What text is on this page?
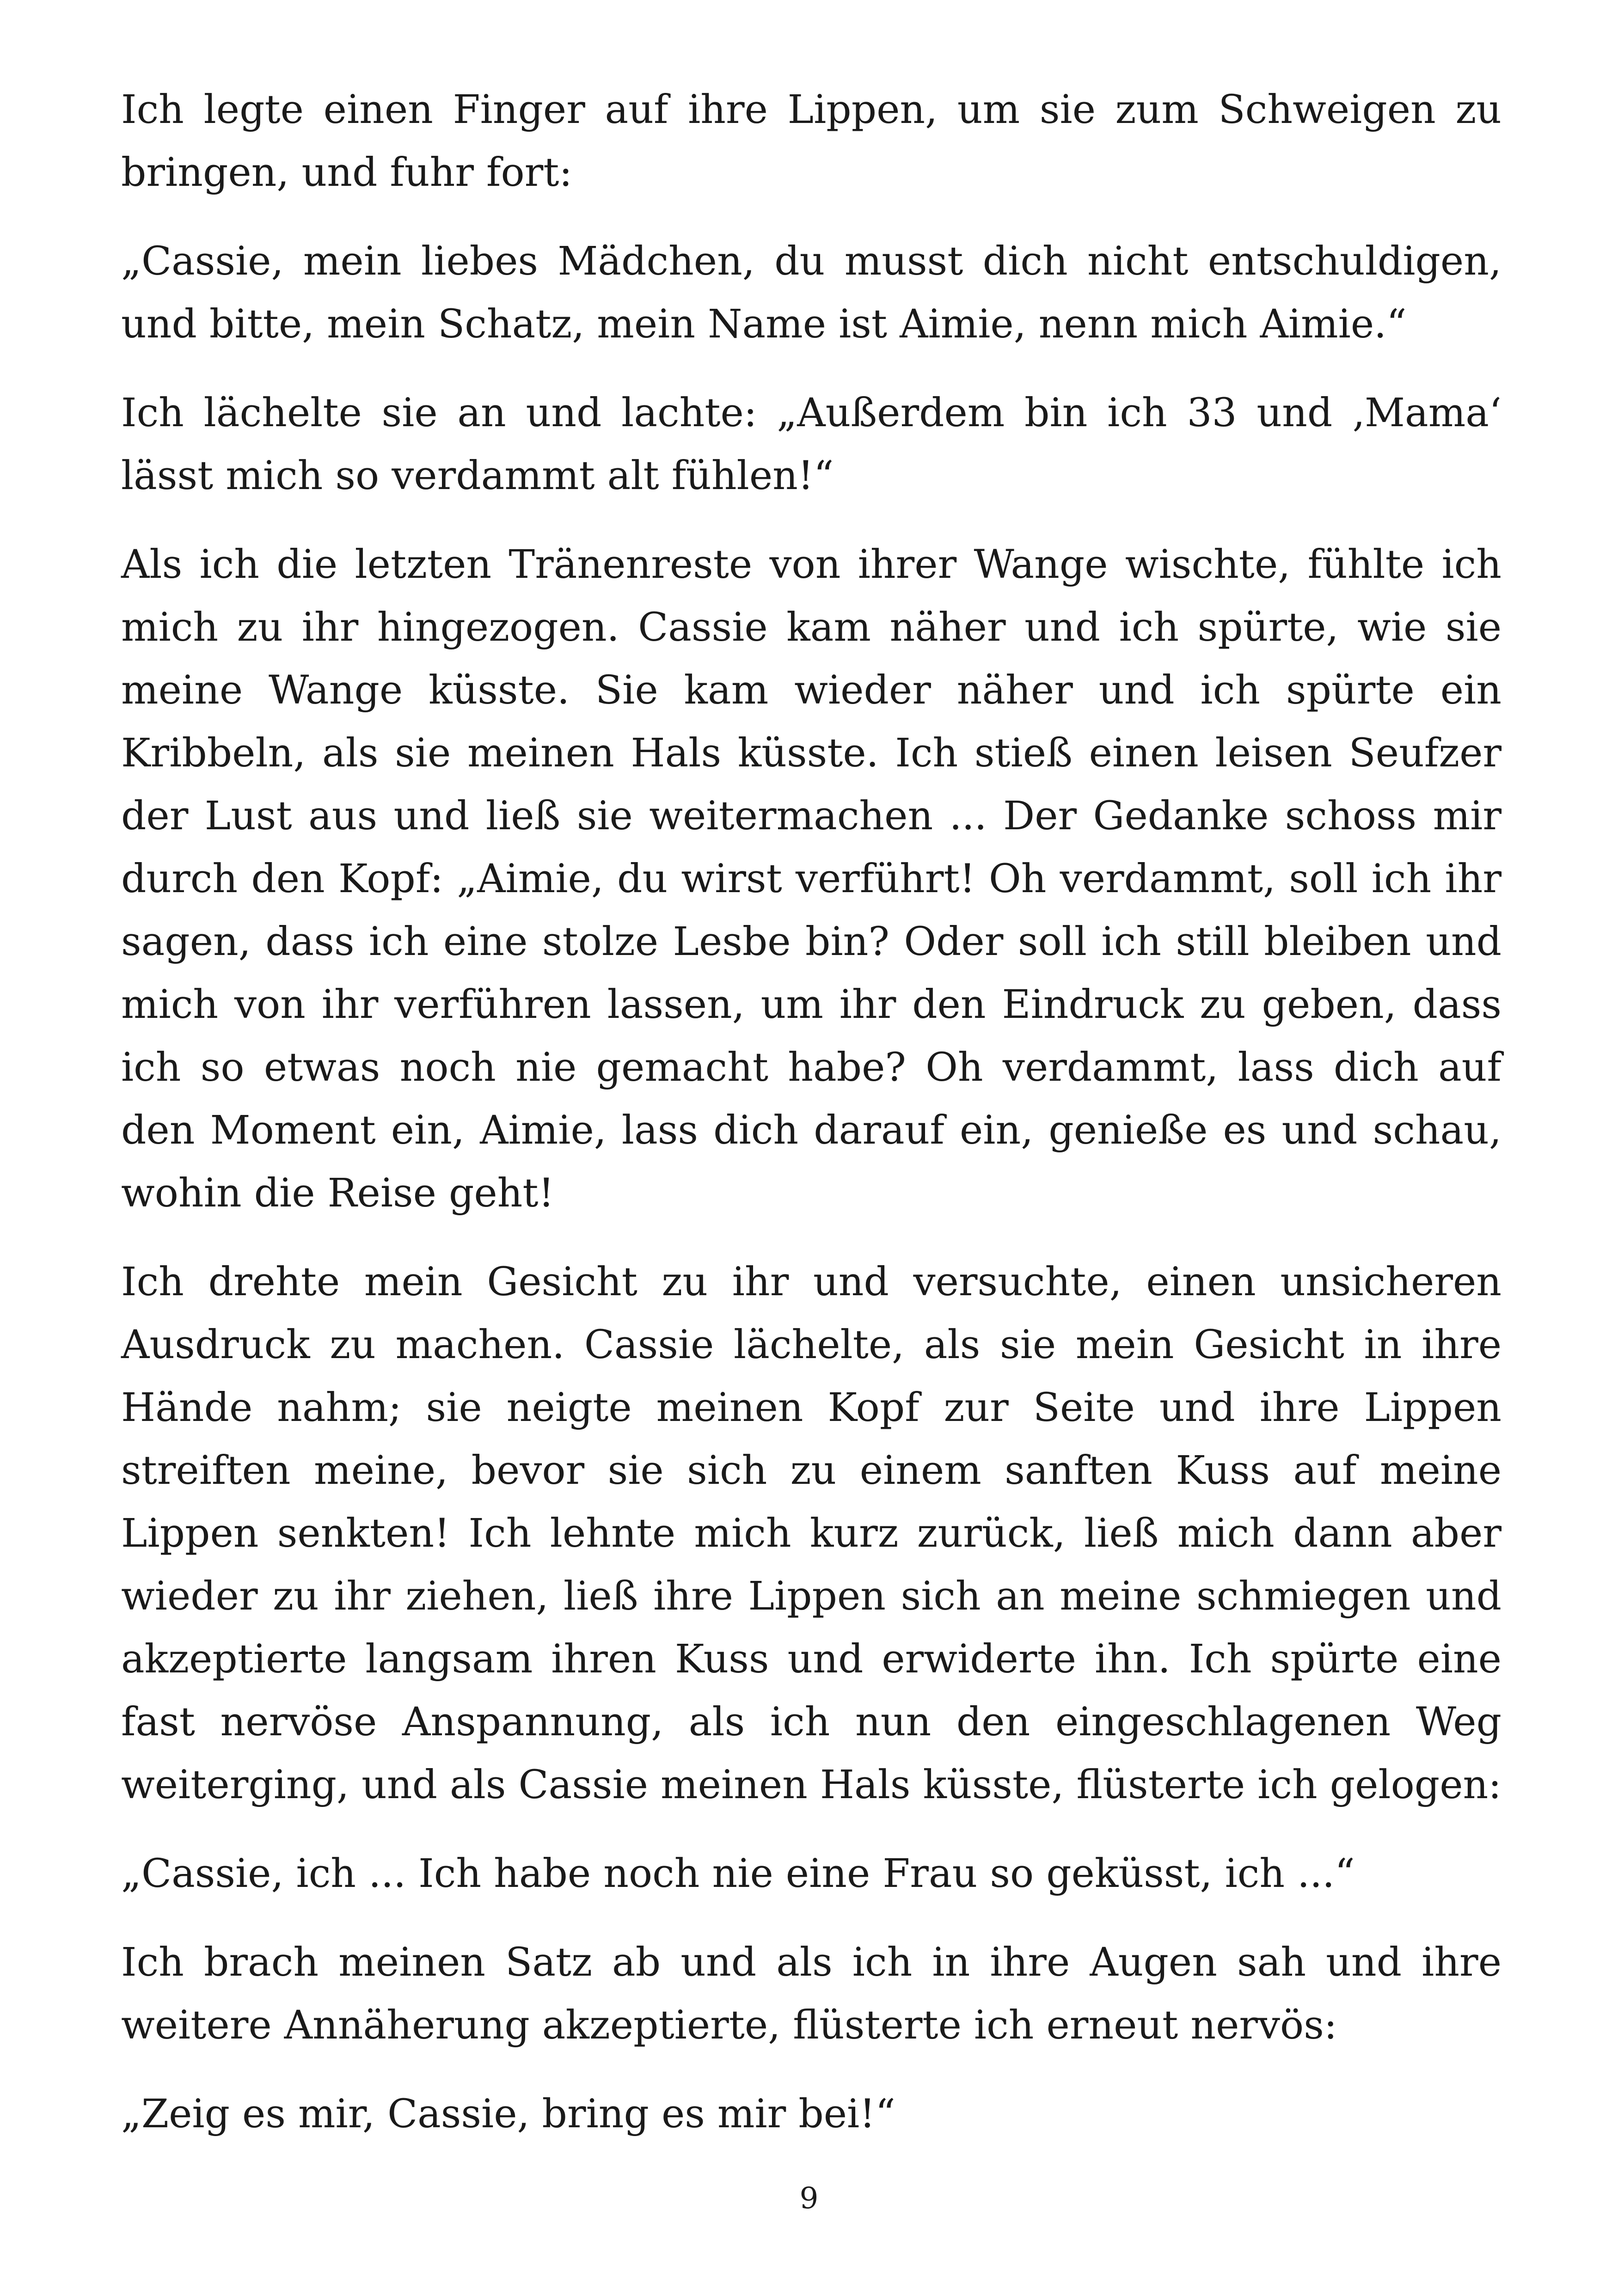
Ich legte einen Finger auf ihre Lippen, um sie zum Schweigen zu bringen, und fuhr fort:

„Cassie, mein liebes Mädchen, du musst dich nicht entschuldigen, und bitte, mein Schatz, mein Name ist Aimie, nenn mich Aimie.“

Ich lächelte sie an und lachte: „Außerdem bin ich 33 und ‚Mama‘ lässt mich so verdammt alt fühlen!“

Als ich die letzten Tränenreste von ihrer Wange wischte, fühlte ich mich zu ihr hingezogen. Cassie kam näher und ich spürte, wie sie meine Wange küsste. Sie kam wieder näher und ich spürte ein Kribbeln, als sie meinen Hals küsste. Ich stieß einen leisen Seufzer der Lust aus und ließ sie weitermachen ... Der Gedanke schoss mir durch den Kopf: „Aimie, du wirst verführt! Oh verdammt, soll ich ihr sagen, dass ich eine stolze Lesbe bin? Oder soll ich still bleiben und mich von ihr verführen lassen, um ihr den Eindruck zu geben, dass ich so etwas noch nie gemacht habe? Oh verdammt, lass dich auf den Moment ein, Aimie, lass dich darauf ein, genieße es und schau, wohin die Reise geht!

Ich drehte mein Gesicht zu ihr und versuchte, einen unsicheren Ausdruck zu machen. Cassie lächelte, als sie mein Gesicht in ihre Hände nahm; sie neigte meinen Kopf zur Seite und ihre Lippen streiften meine, bevor sie sich zu einem sanften Kuss auf meine Lippen senkten! Ich lehnte mich kurz zurück, ließ mich dann aber wieder zu ihr ziehen, ließ ihre Lippen sich an meine schmiegen und akzeptierte langsam ihren Kuss und erwiderte ihn. Ich spürte eine fast nervöse Anspannung, als ich nun den eingeschlagenen Weg weiterging, und als Cassie meinen Hals küsste, flüsterte ich gelogen:

„Cassie, ich ... Ich habe noch nie eine Frau so geküsst, ich ...“

Ich brach meinen Satz ab und als ich in ihre Augen sah und ihre weitere Annäherung akzeptierte, flüsterte ich erneut nervös:

„Zeig es mir, Cassie, bring es mir bei!“

9
